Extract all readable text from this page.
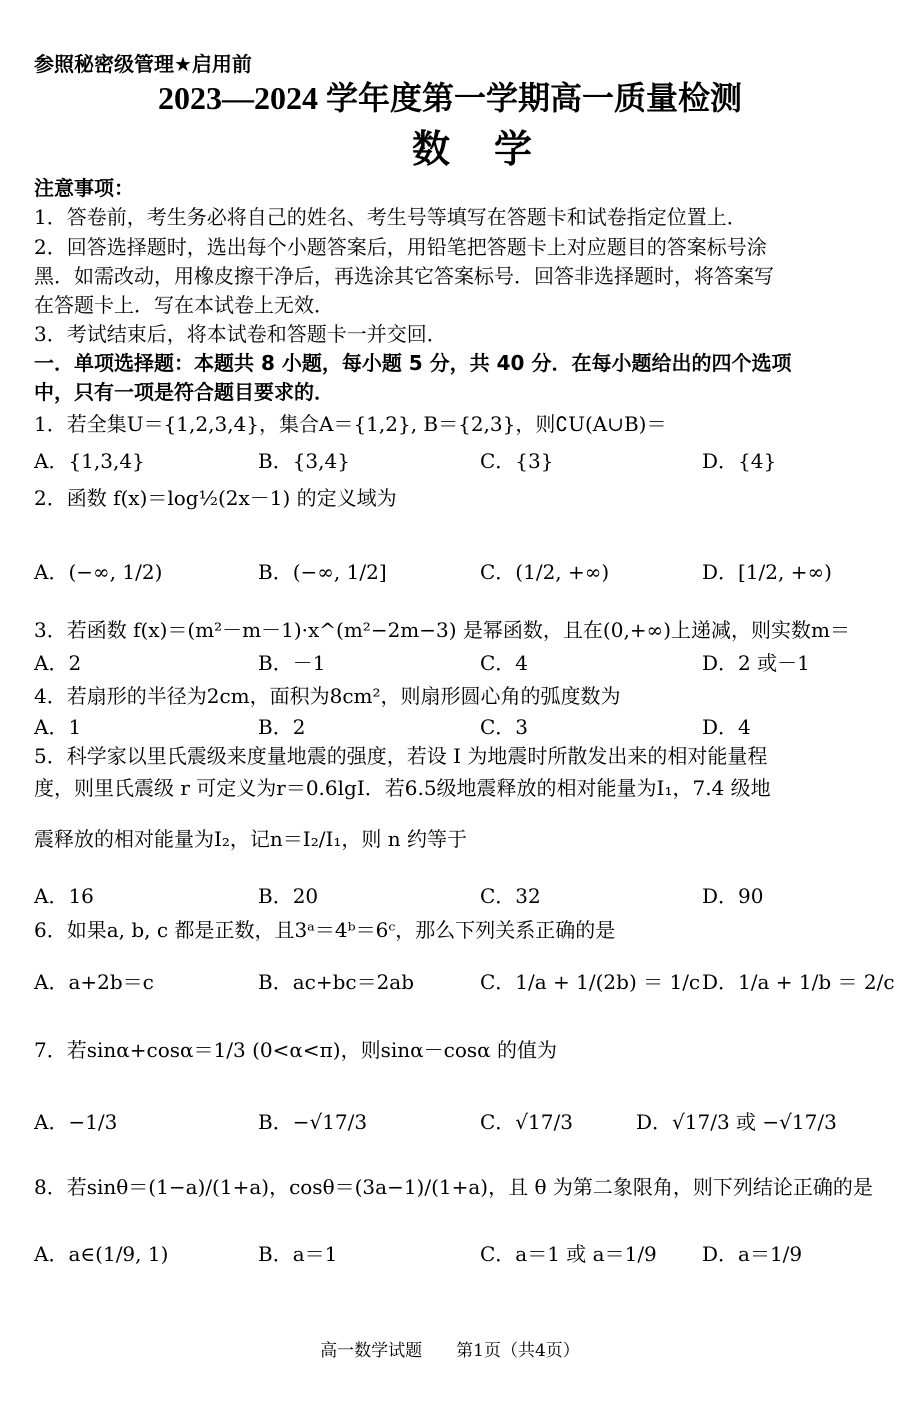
参照秘密级管理★启用前
2023—2024 学年度第一学期高一质量检测
数学
注意事项：
1．答卷前，考生务必将自己的姓名、考生号等填写在答题卡和试卷指定位置上．
2．回答选择题时，选出每个小题答案后，用铅笔把答题卡上对应题目的答案标号涂
黑．如需改动，用橡皮擦干净后，再选涂其它答案标号．回答非选择题时，将答案写
在答题卡上．写在本试卷上无效．
3．考试结束后，将本试卷和答题卡一并交回．
一．单项选择题：本题共 8 小题，每小题 5 分，共 40 分．在每小题给出的四个选项
中，只有一项是符合题目要求的．
1．若全集U＝{1,2,3,4}，集合A＝{1,2}, B＝{2,3}，则∁U(A∪B)＝
A．{1,3,4}	B．{3,4}	C．{3}	D．{4}
2．函数 f(x)＝log½(2x－1) 的定义域为
A．(−∞, 1/2)	B．(−∞, 1/2]	C．(1/2, +∞)	D．[1/2, +∞)
3．若函数 f(x)＝(m²－m－1)·x^(m²−2m−3) 是幂函数，且在(0,+∞)上递减，则实数m＝
A．2	B．－1	C．4	D．2 或－1
4．若扇形的半径为2cm，面积为8cm²，则扇形圆心角的弧度数为
A．1	B．2	C．3	D．4
5．科学家以里氏震级来度量地震的强度，若设 I 为地震时所散发出来的相对能量程
度，则里氏震级 r 可定义为r＝0.6lgI．若6.5级地震释放的相对能量为I₁，7.4 级地
震释放的相对能量为I₂，记n＝I₂/I₁，则 n 约等于
A．16	B．20	C．32	D．90
6．如果a, b, c 都是正数，且3ᵃ＝4ᵇ＝6ᶜ，那么下列关系正确的是
A．a+2b＝c	B．ac+bc＝2ab	C．1/a + 1/(2b) ＝ 1/c D．1/a + 1/b ＝ 2/c
7．若sinα+cosα＝1/3 (0<α<π)，则sinα－cosα 的值为
A．−1/3	B．−√17/3	C．√17/3	D．√17/3 或 −√17/3
8．若sinθ＝(1−a)/(1+a)，cosθ＝(3a−1)/(1+a)，且 θ 为第二象限角，则下列结论正确的是
A．a∈(1/9, 1)	B．a＝1	C．a＝1 或 a＝1/9 D．a＝1/9
高一数学试题　　第1页（共4页）
